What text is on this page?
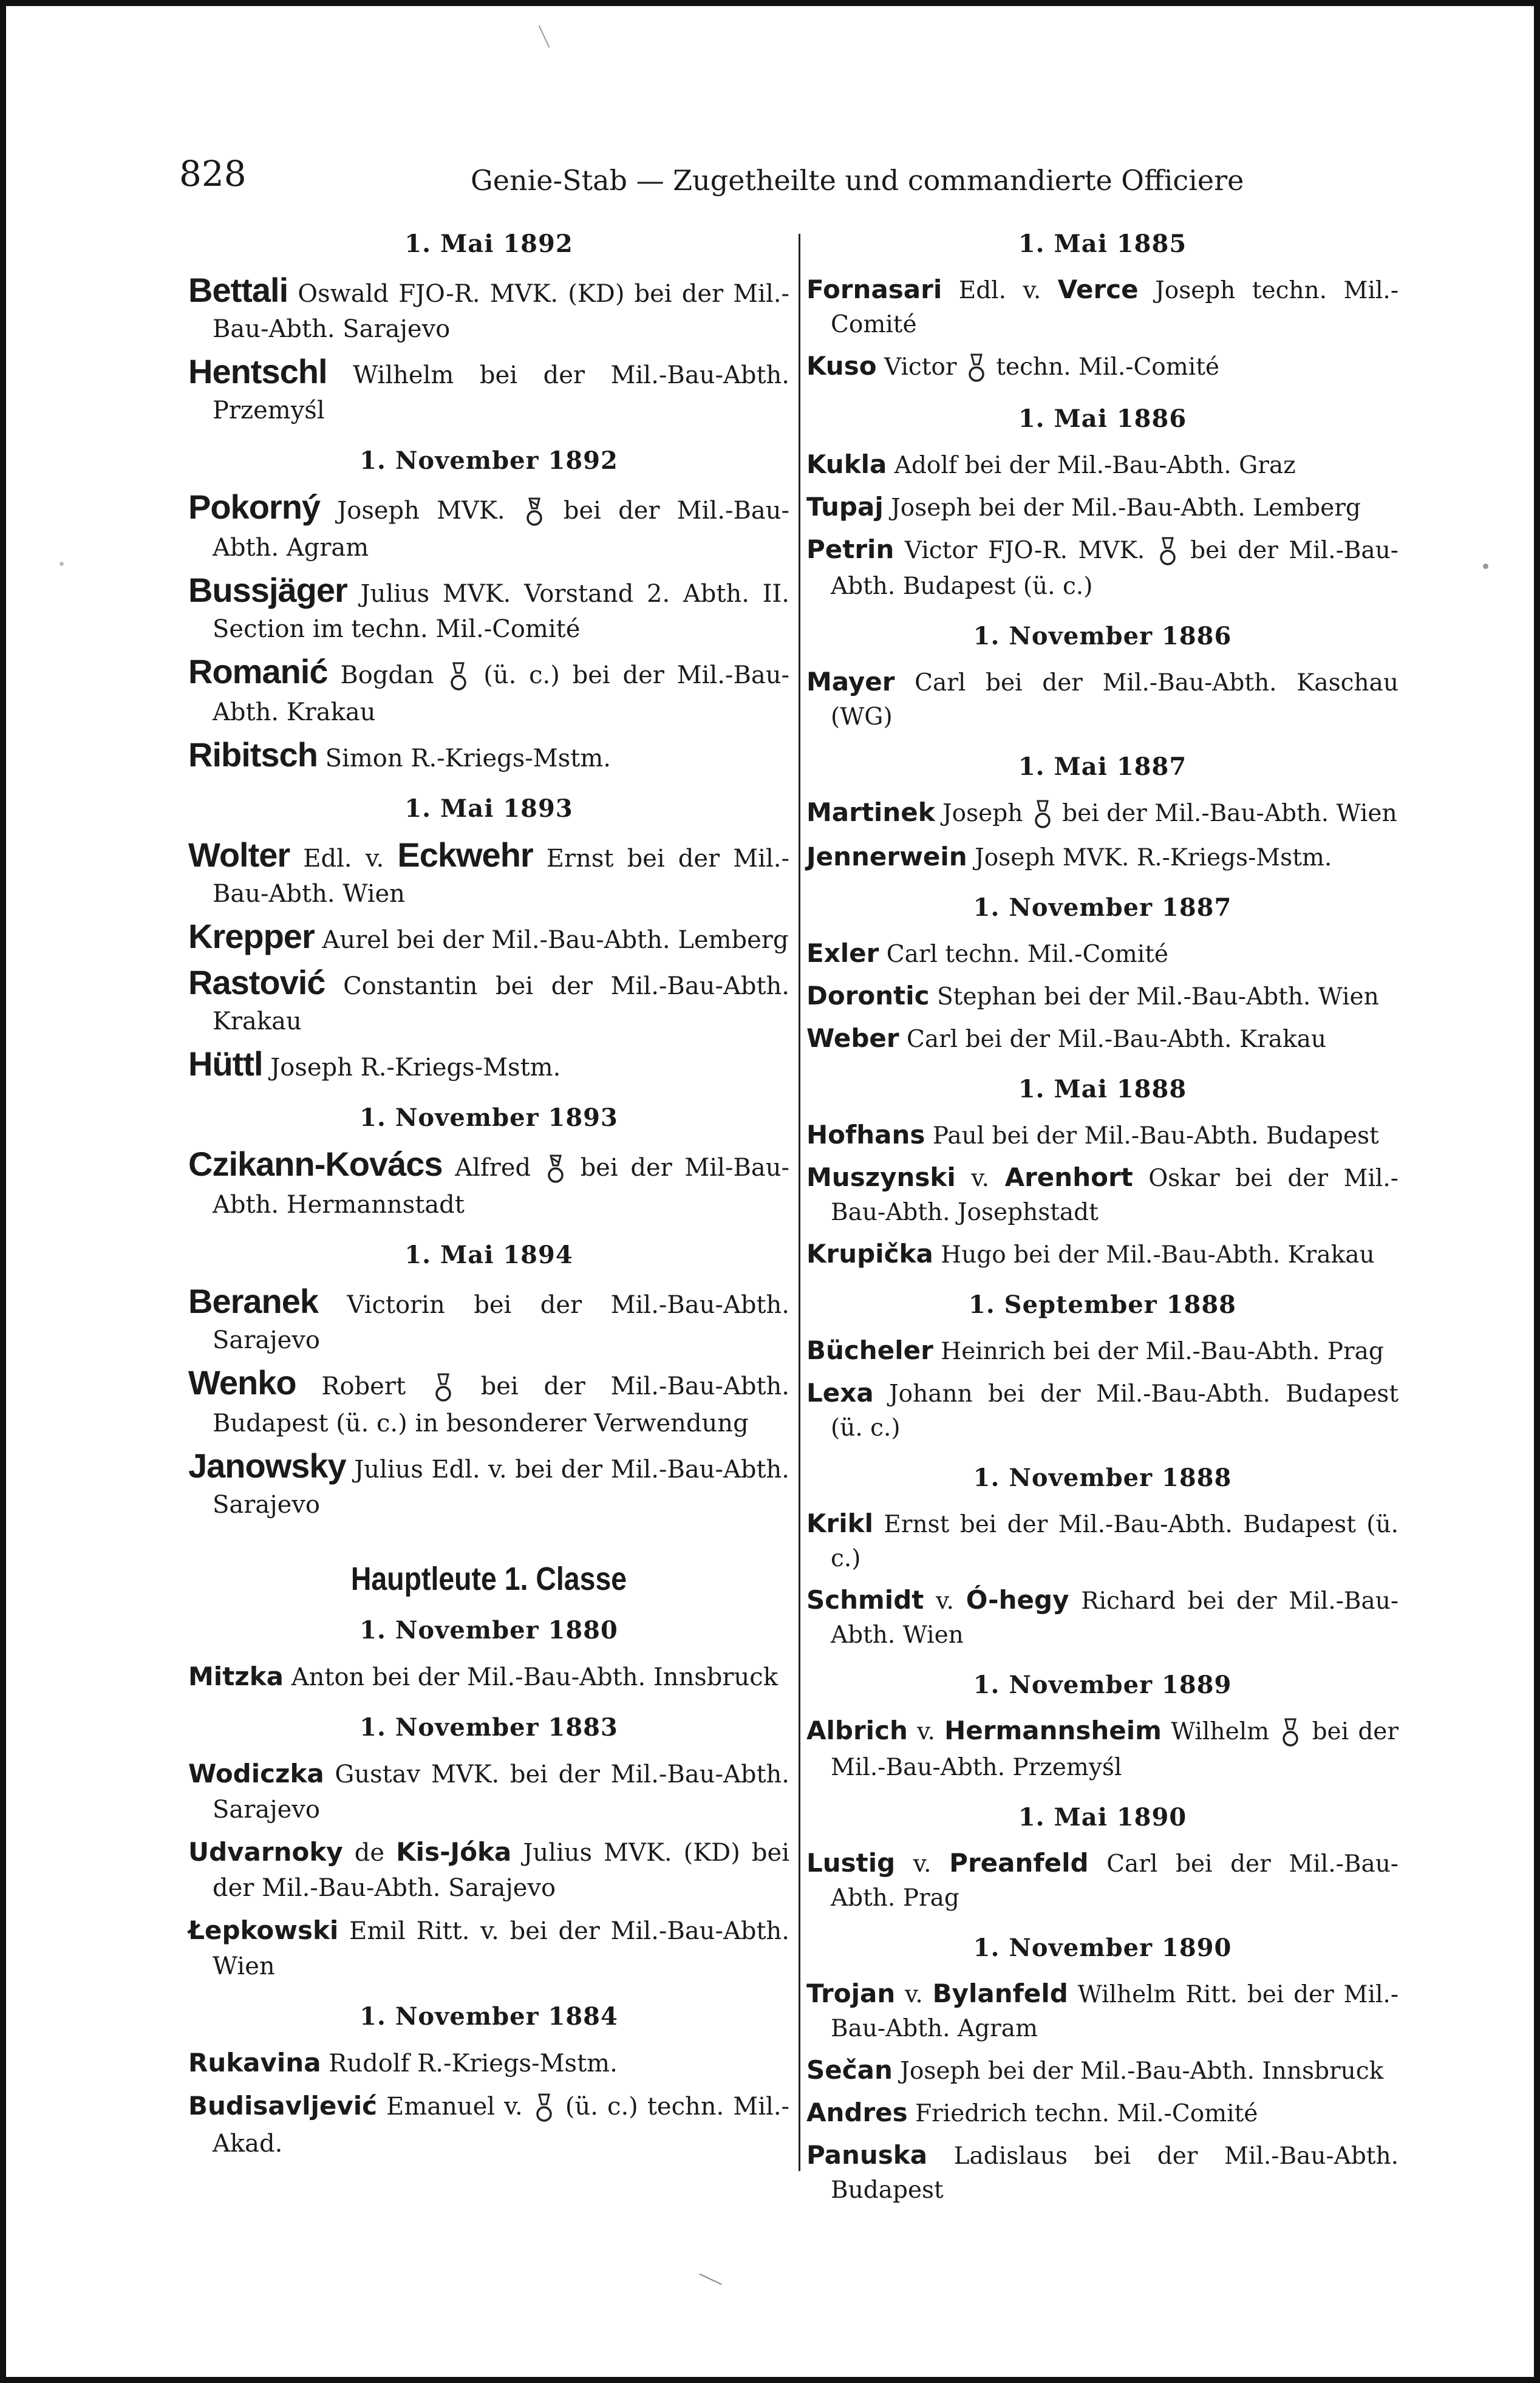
828	Genie-Stab — Zugetheilte und commandierte Officiere
1. Mai 1892
Bettali Oswald FJO-R. MVK. (KD) bei der Mil.-Bau-Abth. Sarajevo
Hentschl Wilhelm bei der Mil.-Bau-Abth. Przemyśl
1. November 1892
Pokorný Joseph MVK. bei der Mil.-Bau-Abth. Agram
Bussjäger Julius MVK. Vorstand 2. Abth. II. Section im techn. Mil.-Comité
Romanić Bogdan (ü. c.) bei der Mil.-Bau-Abth. Krakau
Ribitsch Simon R.-Kriegs-Mstm.
1. Mai 1893
Wolter Edl. v. Eckwehr Ernst bei der Mil.-Bau-Abth. Wien
Krepper Aurel bei der Mil.-Bau-Abth. Lemberg
Rastović Constantin bei der Mil.-Bau-Abth. Krakau
Hüttl Joseph R.-Kriegs-Mstm.
1. November 1893
Czikann-Kovács Alfred bei der Mil-Bau-Abth. Hermannstadt
1. Mai 1894
Beranek Victorin bei der Mil.-Bau-Abth. Sarajevo
Wenko Robert	bei der Mil.-Bau-Abth. Budapest (ü. c.) in besonderer Verwendung
Janowsky Julius Edl. v. bei der Mil.-Bau-Abth. Sarajevo
Hauptleute 1. Classe
1. November 1880
Mitzka Anton bei der Mil.-Bau-Abth. Innsbruck
1. November 1883
Wodiczka Gustav MVK. bei der Mil.-Bau-Abth. Sarajevo
Udvarnoky de Kis-Jóka Julius MVK. (KD) bei der Mil.-Bau-Abth. Sarajevo
Łepkowski Emil Ritt. v. bei der Mil.-Bau-Abth. Wien
1. November 1884
Rukavina Rudolf R.-Kriegs-Mstm.
Budisavljević Emanuel v. (ü. c.) techn. Mil.-Akad.
1. Mai 1885
Fornasari Edl. v. Verce Joseph techn. Mil.-Comité
Kuso Victor techn. Mil.-Comité
1. Mai 1886
Kukla Adolf bei der Mil.-Bau-Abth. Graz
Tupaj Joseph bei der Mil.-Bau-Abth. Lemberg
Petrin Victor FJO-R. MVK. bei der Mil.-Bau-Abth. Budapest (ü. c.)
1. November 1886
Mayer Carl bei der Mil.-Bau-Abth. Kaschau (WG)
1. Mai 1887
Martinek Joseph bei der Mil.-Bau-Abth. Wien
Jennerwein Joseph MVK. R.-Kriegs-Mstm.
1. November 1887
Exler Carl techn. Mil.-Comité
Dorontic Stephan bei der Mil.-Bau-Abth. Wien
Weber Carl bei der Mil.-Bau-Abth. Krakau
1. Mai 1888
Hofhans Paul bei der Mil.-Bau-Abth. Budapest
Muszynski v. Arenhort Oskar bei der Mil.-Bau-Abth. Josephstadt
Krupička Hugo bei der Mil.-Bau-Abth. Krakau
1. September 1888
Bücheler Heinrich bei der Mil.-Bau-Abth. Prag
Lexa Johann bei der Mil.-Bau-Abth. Budapest (ü. c.)
1. November 1888
Krikl Ernst bei der Mil.-Bau-Abth. Budapest (ü. c.)
Schmidt v. Ó-hegy Richard bei der Mil.-Bau-Abth. Wien
1. November 1889
Albrich v. Hermannsheim Wilhelm bei der Mil.-Bau-Abth. Przemyśl
1. Mai 1890
Lustig v. Preanfeld Carl bei der Mil.-Bau-Abth. Prag
1. November 1890
Trojan v. Bylanfeld Wilhelm Ritt. bei der Mil.-Bau-Abth. Agram
Sečan Joseph bei der Mil.-Bau-Abth. Innsbruck
Andres Friedrich techn. Mil.-Comité
Panuska Ladislaus bei der Mil.-Bau-Abth. Budapest
